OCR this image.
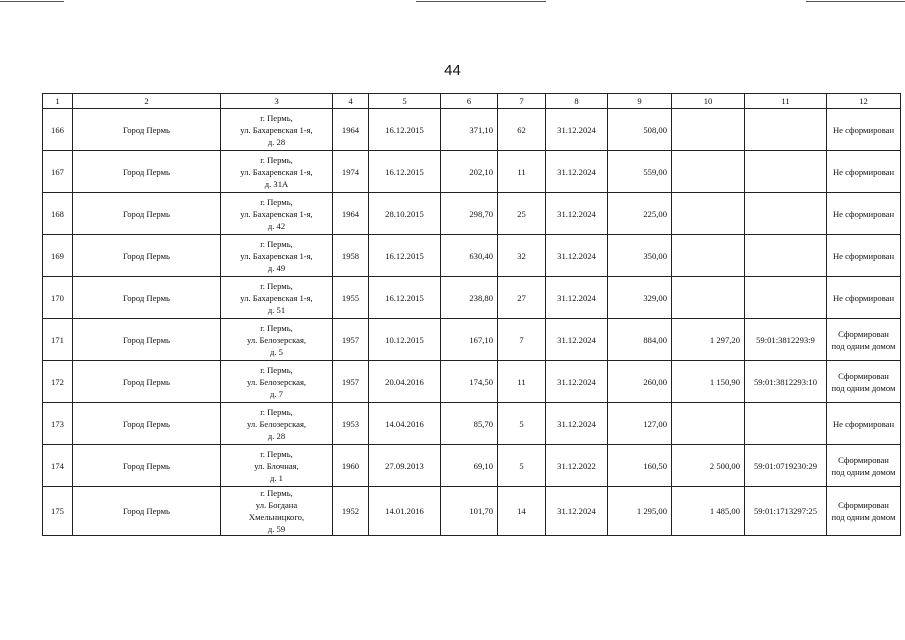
44
1	2	3	4	5	6	7	8	9	10	11	12
166	Город Пермь	г. Пермь,
ул. Бахаревская 1-я,
д. 28	1964	16.12.2015	371,10	62	31.12.2024	508,00			Не сформирован
167	Город Пермь	г. Пермь,
ул. Бахаревская 1-я,
д. 31А	1974	16.12.2015	202,10	11	31.12.2024	559,00			Не сформирован
168	Город Пермь	г. Пермь,
ул. Бахаревская 1-я,
д. 42	1964	28.10.2015	298,70	25	31.12.2024	225,00			Не сформирован
169	Город Пермь	г. Пермь,
ул. Бахаревская 1-я,
д. 49	1958	16.12.2015	630,40	32	31.12.2024	350,00			Не сформирован
170	Город Пермь	г. Пермь,
ул. Бахаревская 1-я,
д. 51	1955	16.12.2015	238,80	27	31.12.2024	329,00			Не сформирован
171	Город Пермь	г. Пермь,
ул. Белозерская,
д. 5	1957	10.12.2015	167,10	7	31.12.2024	884,00	1 297,20	59:01:3812293:9	Сформирован
под одним домом
172	Город Пермь	г. Пермь,
ул. Белозерская,
д. 7	1957	20.04.2016	174,50	11	31.12.2024	260,00	1 150,90	59:01:3812293:10	Сформирован
под одним домом
173	Город Пермь	г. Пермь,
ул. Белозерская,
д. 28	1953	14.04.2016	85,70	5	31.12.2024	127,00			Не сформирован
174	Город Пермь	г. Пермь,
ул. Блочная,
д. 1	1960	27.09.2013	69,10	5	31.12.2022	160,50	2 500,00	59:01:0719230:29	Сформирован
под одним домом
175	Город Пермь	г. Пермь,
ул. Богдана
Хмельницкого,
д. 59	1952	14.01.2016	101,70	14	31.12.2024	1 295,00	1 485,00	59:01:1713297:25	Сформирован
под одним домом
